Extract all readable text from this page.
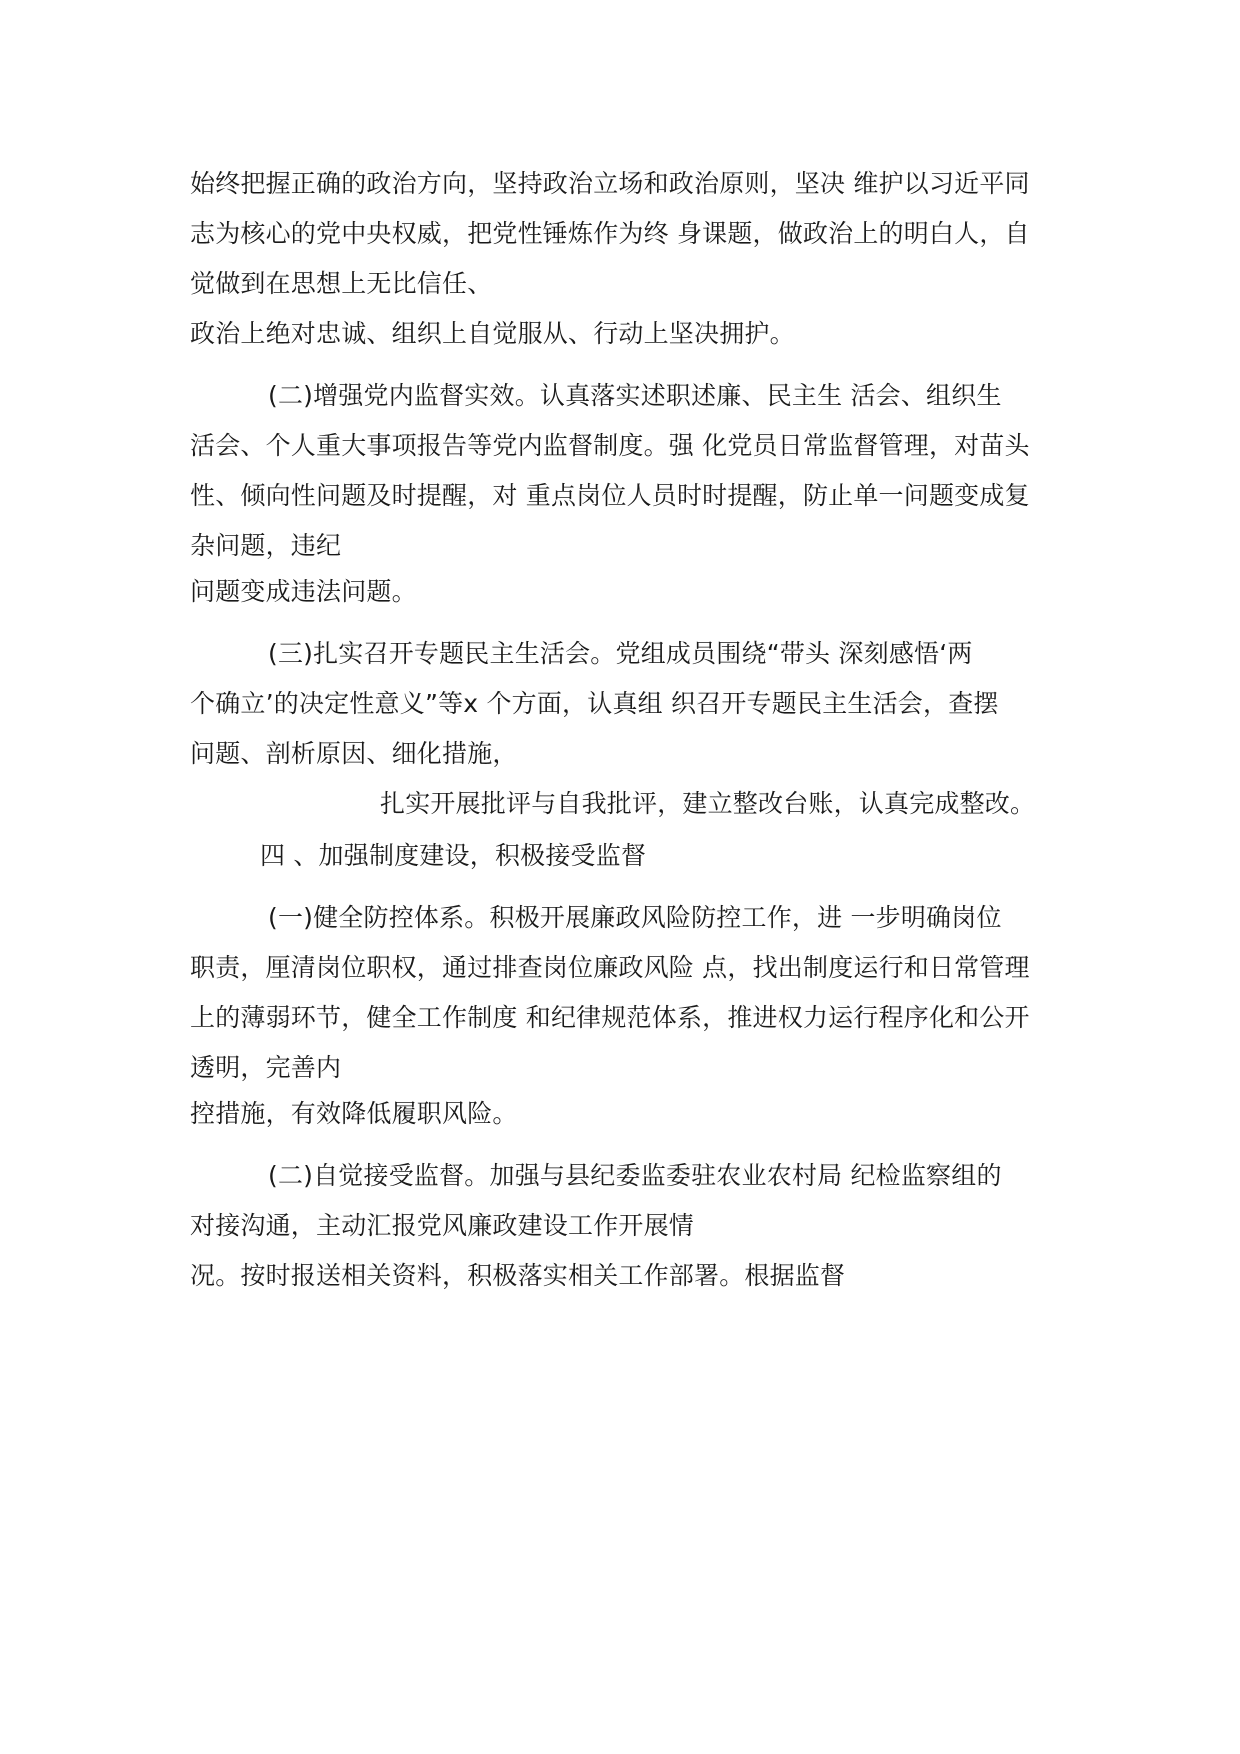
始终把握正确的政治方向，坚持政治立场和政治原则，坚决 维护以习近平同
志为核心的党中央权威，把党性锤炼作为终 身课题，做政治上的明白人，自
觉做到在思想上无比信任、
政治上绝对忠诚、组织上自觉服从、行动上坚决拥护。
(二)增强党内监督实效。认真落实述职述廉、民主生 活会、组织生
活会、个人重大事项报告等党内监督制度。强 化党员日常监督管理，对苗头
性、倾向性问题及时提醒，对 重点岗位人员时时提醒，防止单一问题变成复
杂问题，违纪
问题变成违法问题。
(三)扎实召开专题民主生活会。党组成员围绕“带头 深刻感悟‘两
个确立’的决定性意义”等x 个方面，认真组 织召开专题民主生活会，查摆
问题、剖析原因、细化措施，
扎实开展批评与自我批评，建立整改台账，认真完成整改。
四 、加强制度建设，积极接受监督
(一)健全防控体系。积极开展廉政风险防控工作，进 一步明确岗位
职责，厘清岗位职权，通过排查岗位廉政风险 点，找出制度运行和日常管理
上的薄弱环节，健全工作制度 和纪律规范体系，推进权力运行程序化和公开
透明，完善内
控措施，有效降低履职风险。
(二)自觉接受监督。加强与县纪委监委驻农业农村局 纪检监察组的
对接沟通，主动汇报党风廉政建设工作开展情
况。按时报送相关资料，积极落实相关工作部署。根据监督
